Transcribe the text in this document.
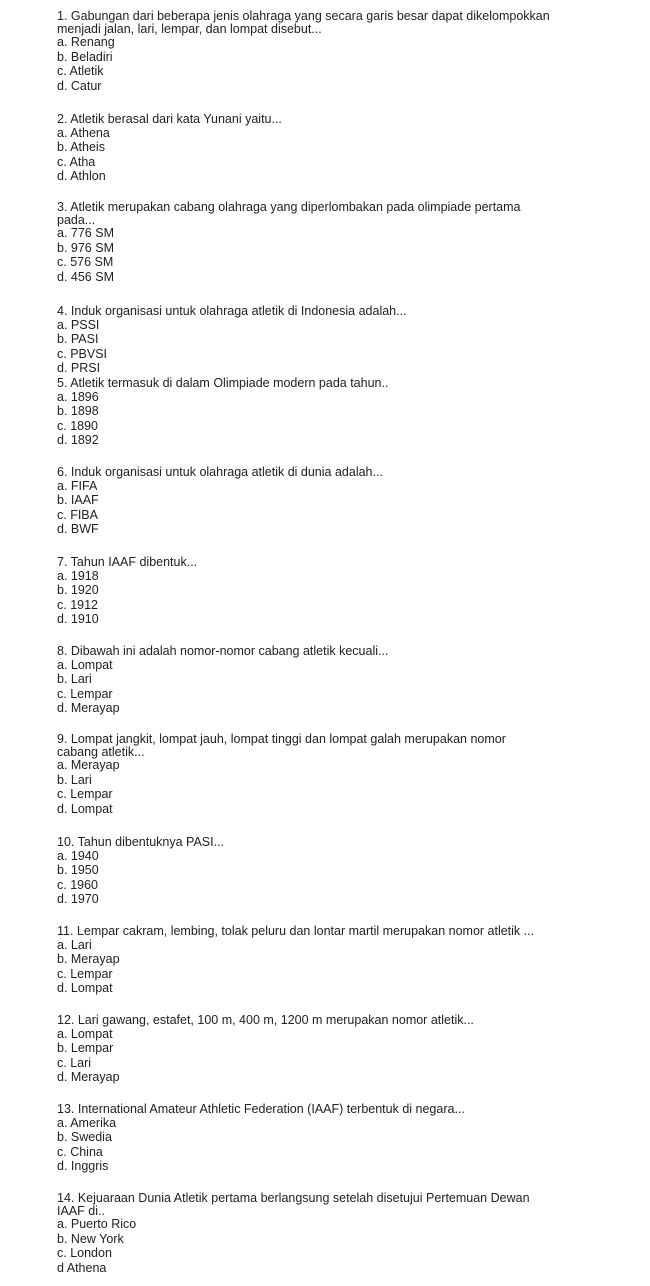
1. Gabungan dari beberapa jenis olahraga yang secara garis besar dapat dikelompokkan
menjadi jalan, lari, lempar, dan lompat disebut...

a. Renang

b. Beladiri

c. Atletik

d. Catur

2. Atletik berasal dari kata Yunani yaitu...

a. Athena

b. Atheis

c. Atha

d. Athlon

3. Atletik merupakan cabang olahraga yang diperlombakan pada olimpiade pertama
pada...

a. 776 SM

b. 976 SM

c. 576 SM

d. 456 SM

4. Induk organisasi untuk olahraga atletik di Indonesia adalah...

a. PSSI

b. PASI

c. PBVSI

d. PRSI

5. Atletik termasuk di dalam Olimpiade modern pada tahun..

a. 1896

b. 1898

c. 1890

d. 1892

6. Induk organisasi untuk olahraga atletik di dunia adalah...

a. FIFA

b. IAAF

c. FIBA

d. BWF

7. Tahun IAAF dibentuk...

a. 1918

b. 1920

c. 1912

d. 1910

8. Dibawah ini adalah nomor-nomor cabang atletik kecuali...

a. Lompat

b. Lari

c. Lempar

d. Merayap

9. Lompat jangkit, lompat jauh, lompat tinggi dan lompat galah merupakan nomor
cabang atletik...

a. Merayap

b. Lari

c. Lempar

d. Lompat

10. Tahun dibentuknya PASI...

a. 1940

b. 1950

c. 1960

d. 1970

11. Lempar cakram, lembing, tolak peluru dan lontar martil merupakan nomor atletik ...

a. Lari

b. Merayap

c. Lempar

d. Lompat

12. Lari gawang, estafet, 100 m, 400 m, 1200 m merupakan nomor atletik...

a. Lompat

b. Lempar

c. Lari

d. Merayap

13. International Amateur Athletic Federation (IAAF) terbentuk di negara...

a. Amerika

b. Swedia

c. China

d. Inggris

14. Kejuaraan Dunia Atletik pertama berlangsung setelah disetujui Pertemuan Dewan
IAAF di..

a. Puerto Rico

b. New York

c. London

d Athena
